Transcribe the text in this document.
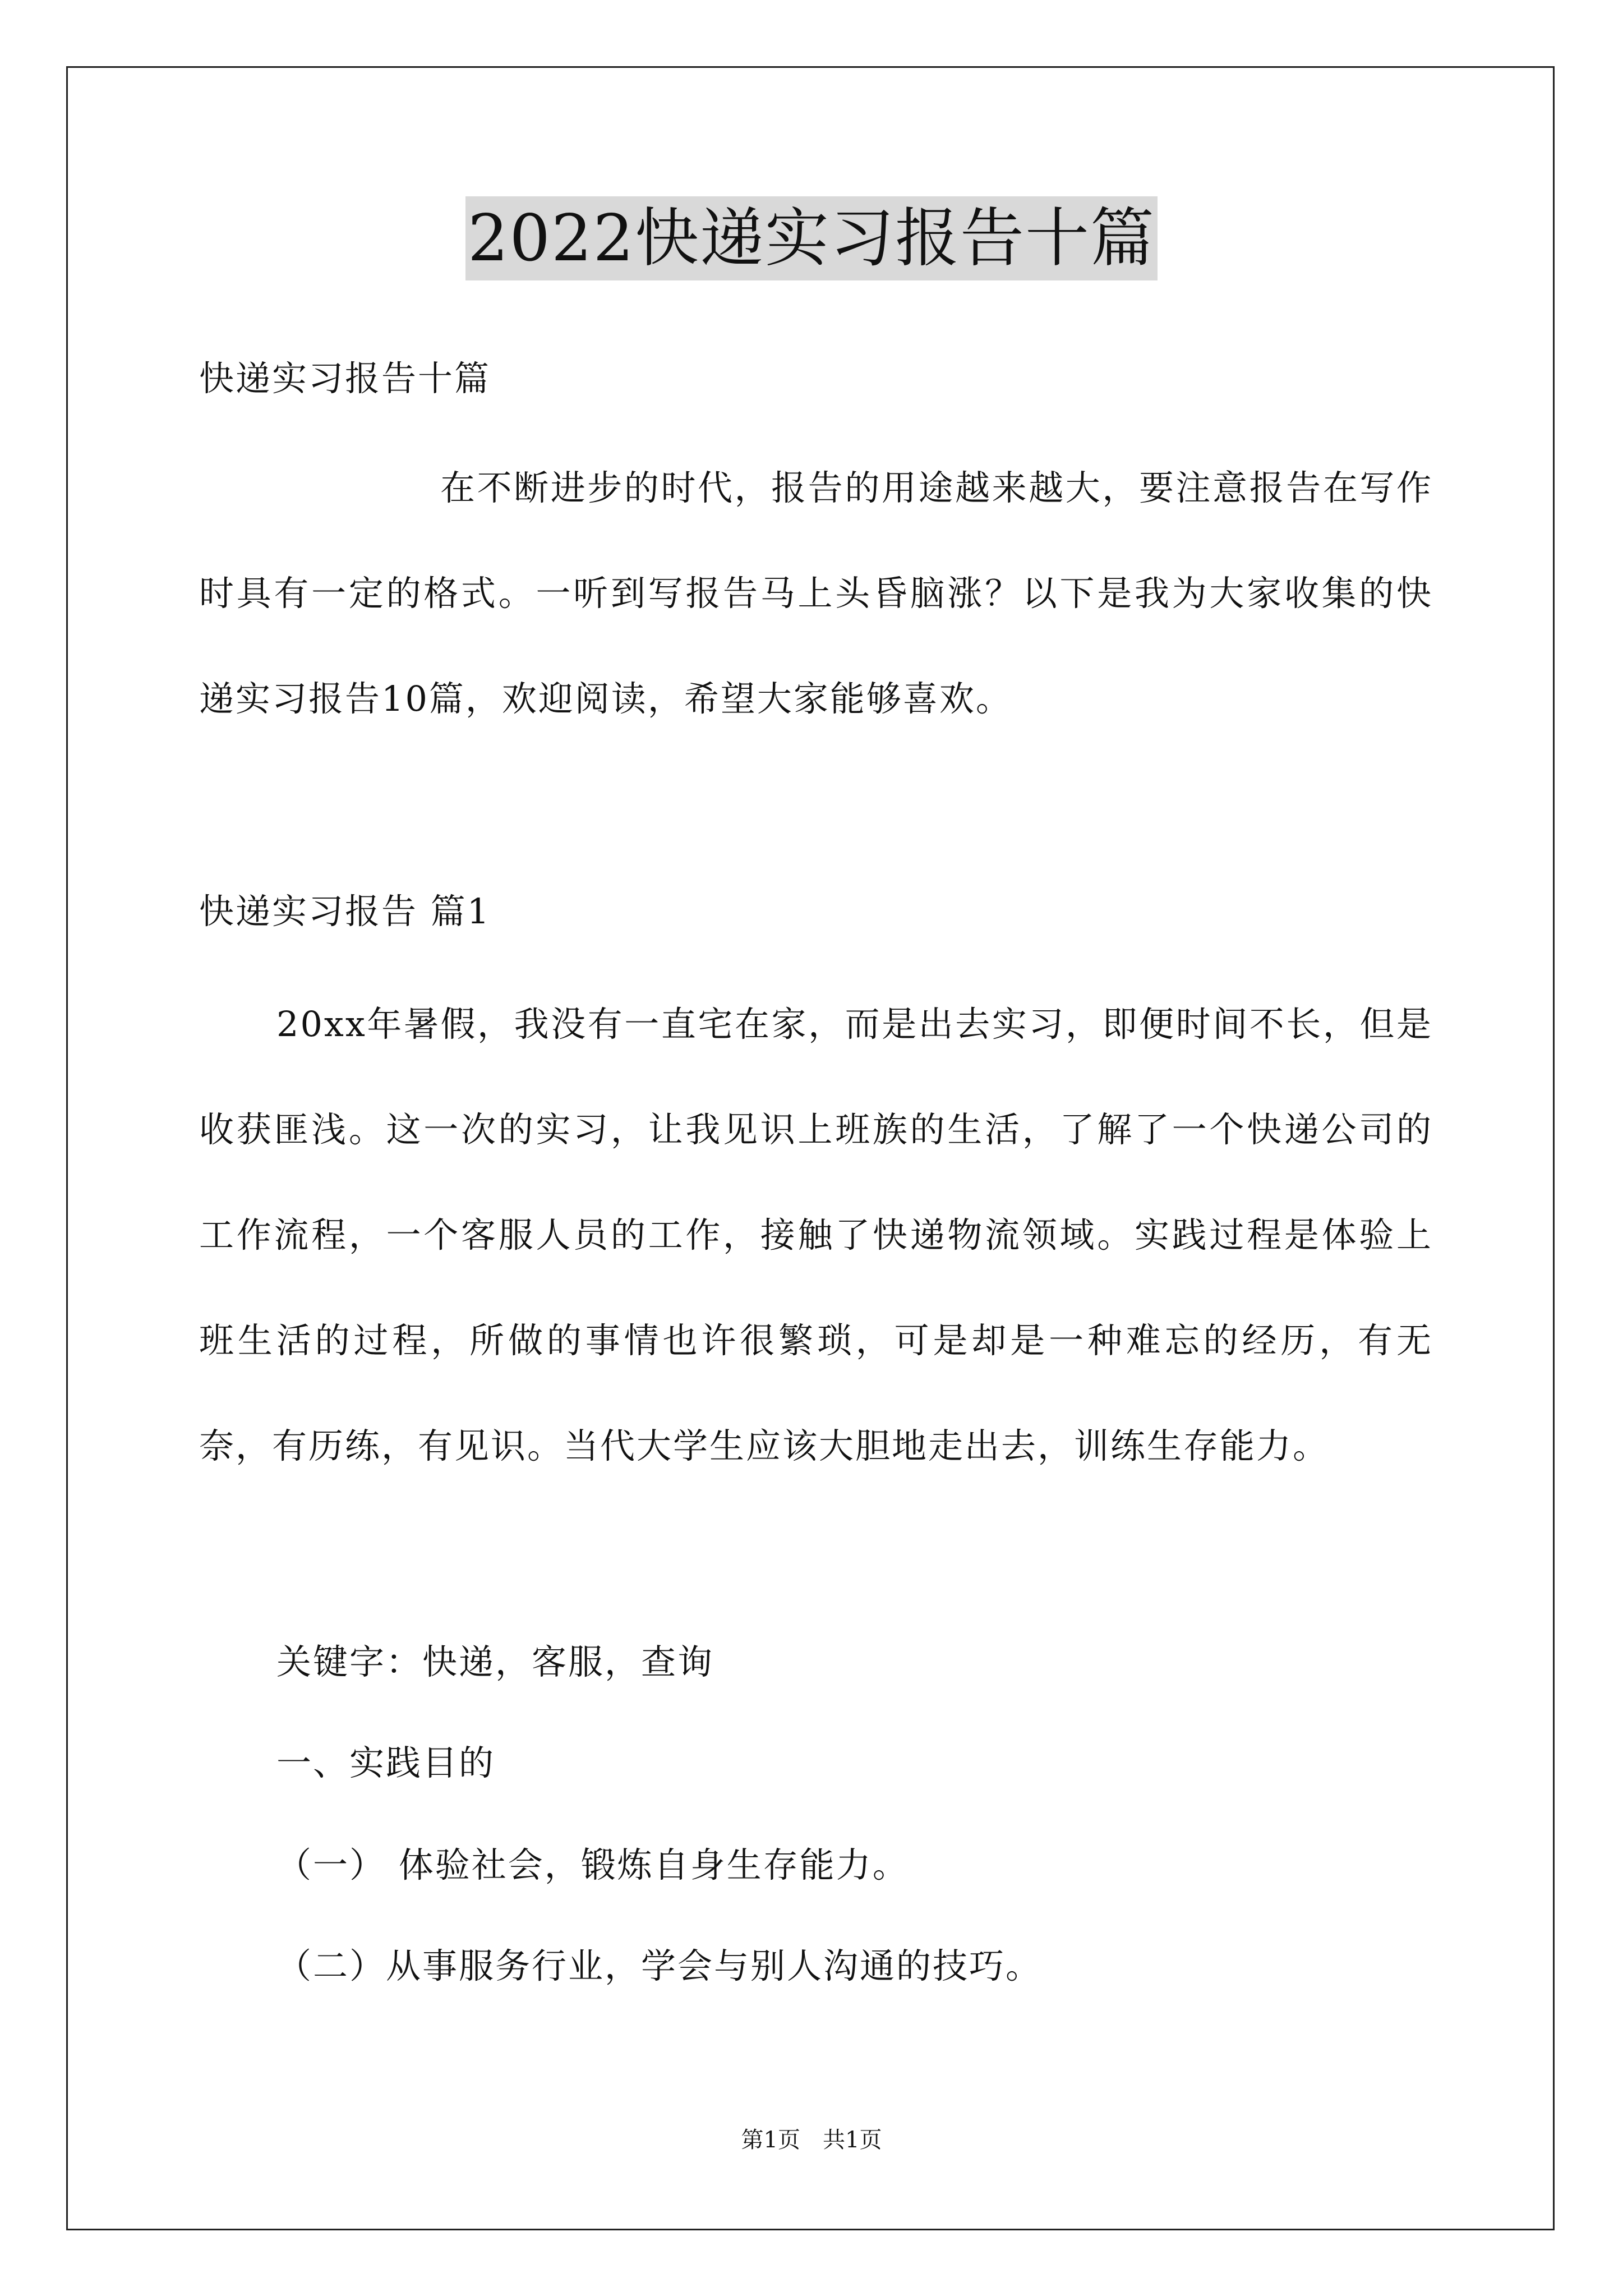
2022快递实习报告十篇
快递实习报告十篇
在不断进步的时代，报告的用途越来越大，要注意报告在写作时具有一定的格式。一听到写报告马上头昏脑涨？以下是我为大家收集的快递实习报告10篇，欢迎阅读，希望大家能够喜欢。
快递实习报告 篇1
20xx年暑假，我没有一直宅在家，而是出去实习，即便时间不长，但是收获匪浅。这一次的实习，让我见识上班族的生活，了解了一个快递公司的工作流程，一个客服人员的工作，接触了快递物流领域。实践过程是体验上班生活的过程，所做的事情也许很繁琐，可是却是一种难忘的经历，有无奈，有历练，有见识。当代大学生应该大胆地走出去，训练生存能力。
关键字：快递，客服，查询
一、实践目的
（一） 体验社会，锻炼自身生存能力。
（二）从事服务行业，学会与别人沟通的技巧。
第1页　共1页
